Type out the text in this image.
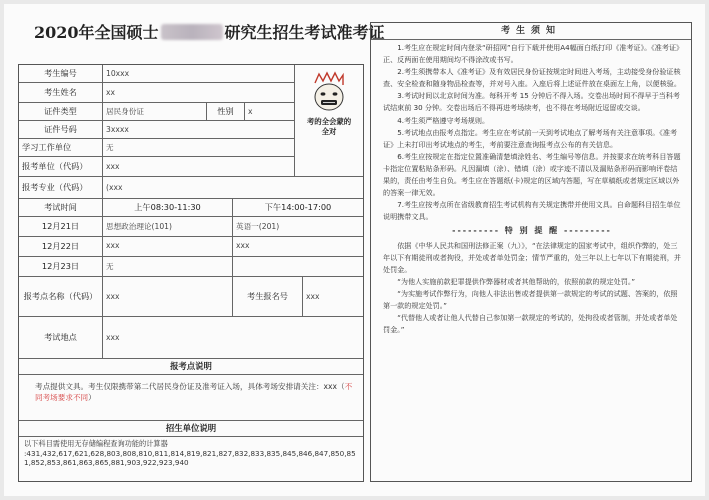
2020年全国硕士	研究生招生考试准考证
考生编号	10xxx
考生姓名	xx
证件类型	居民身份证	性别	x
证件号码	3xxxx
学习工作单位	无
报考单位（代码）	xxx
考的全会蒙的全对
报考专业（代码）	(xxx
考试时间	上午08:30-11:30	下午14:00-17:00
12月21日	思想政治理论(101)	英语一(201)
12月22日	xxx	xxx
12月23日	无
报考点名称（代码）	xxx	考生报名号	xxx
考试地点	xxx
报考点说明
考点提供文具。考生仅限携带第二代居民身份证及准考证入场，具体考场安排请关注：xxx（不同考场要求不同）
招生单位说明
以下科目需使用无存储编程查询功能的计算器
:431,432,617,621,628,803,808,810,811,814,819,821,827,832,833,835,845,846,847,850,851,852,853,861,863,865,881,903,922,923,940
考生须知

1.考生应在规定时间内登录“研招网”自行下载并使用A4幅面白纸打印《准考证》。《准考证》正、反两面在使用期间均不得涂改或书写。

2.考生须携带本人《准考证》及有效居民身份证按规定时间进入考场，主动接受身份验证核查、安全检查和随身物品检查等，并对号入座。入座后将上述证件放在桌面左上角，以便核验。

3.考试时间以北京时间为准。每科开考 15 分钟后不得入场。交卷出场时间不得早于当科考试结束前 30 分钟。交卷出场后不得再进考场续考，也不得在考场附近逗留或交谈。

4.考生须严格遵守考场规则。

5.考试地点由报考点指定。考生应在考试前一天到考试地点了解考场有关注意事项。《准考证》上未打印出考试地点的考生，考前要注意查询报考点公布的有关信息。

6.考生应按规定在指定位置准确清楚填涂姓名、考生编号等信息。并按要求在统考科目答题卡指定位置粘贴条形码。凡因漏填（涂）、错填（涂）或字迹不清以及漏贴条形码而影响评卷结果的，责任由考生自负。考生应在答题纸(卡)规定的区域内答题，写在草稿纸或者规定区域以外的答案一律无效。

7.考生应按考点所在省级教育招生考试机构有关规定携带并使用文具。自命题科目招生单位说明携带文具。

--------- 特 别 提 醒 ---------

依据《中华人民共和国刑法修正案（九）》，“在法律规定的国家考试中，组织作弊的，处三年以下有期徒刑或者拘役，并处或者单处罚金；情节严重的，处三年以上七年以下有期徒刑，并处罚金。

“为他人实施前款犯罪提供作弊器材或者其他帮助的，依照前款的规定处罚。”

“为实施考试作弊行为，向他人非法出售或者提供第一款规定的考试的试题、答案的，依照第一款的规定处罚。”

“代替他人或者让他人代替自己参加第一款规定的考试的，处拘役或者管制，并处或者单处罚金。”
